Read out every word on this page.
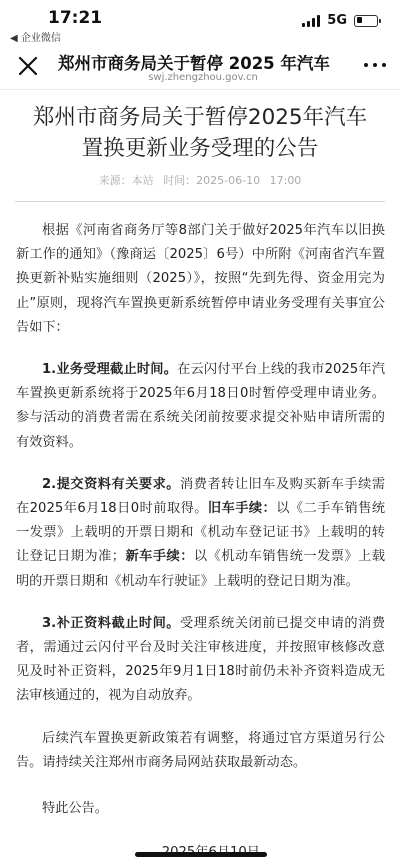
17:21
◀ 企业微信
5G
郑州市商务局关于暂停 2025 年汽车
swj.zhengzhou.gov.cn
郑州市商务局关于暂停2025年汽车置换更新业务受理的公告
来源：本站 时间：2025-06-10 17:00

根据《河南省商务厅等8部门关于做好2025年汽车以旧换新工作的通知》（豫商运〔2025〕6号）中所附《河南省汽车置换更新补贴实施细则（2025）》，按照“先到先得、资金用完为止”原则，现将汽车置换更新系统暂停申请业务受理有关事宜公告如下：

1.业务受理截止时间。在云闪付平台上线的我市2025年汽车置换更新系统将于2025年6月18日0时暂停受理申请业务。参与活动的消费者需在系统关闭前按要求提交补贴申请所需的有效资料。

2.提交资料有关要求。消费者转让旧车及购买新车手续需在2025年6月18日0时前取得。旧车手续：以《二手车销售统一发票》上载明的开票日期和《机动车登记证书》上载明的转让登记日期为准；新车手续：以《机动车销售统一发票》上载明的开票日期和《机动车行驶证》上载明的登记日期为准。

3.补正资料截止时间。受理系统关闭前已提交申请的消费者，需通过云闪付平台及时关注审核进度，并按照审核修改意见及时补正资料，2025年9月1日18时前仍未补齐资料造成无法审核通过的，视为自动放弃。

后续汽车置换更新政策若有调整，将通过官方渠道另行公告。请持续关注郑州市商务局网站获取最新动态。

特此公告。
